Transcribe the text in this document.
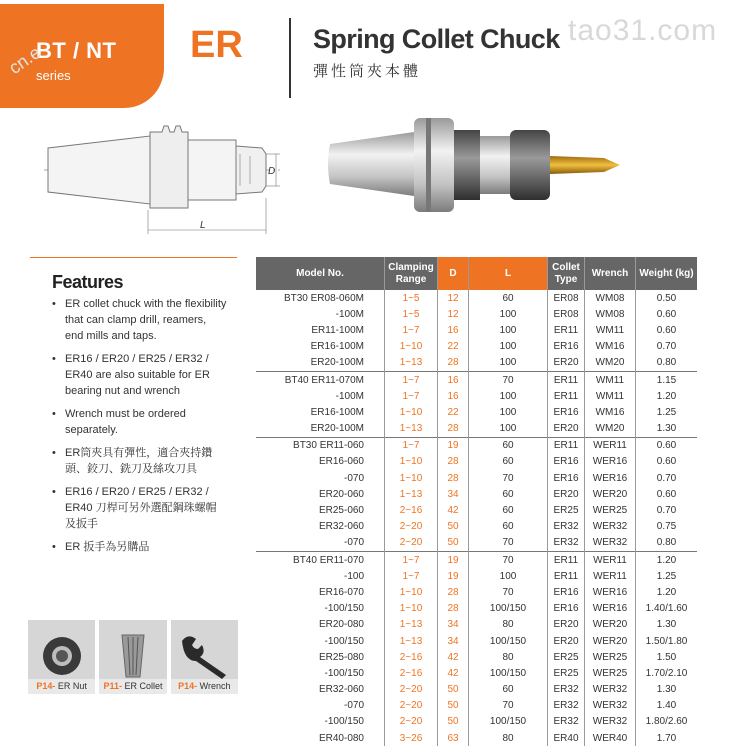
BT / NT
series
ER	Spring Collet Chuck
彈性筒夾本體
tao31.com
cn.e
D
L
Features
• ER collet chuck with the flexibility that can clamp drill, reamers, end mills and taps.
• ER16 / ER20 / ER25 / ER32 / ER40 are also suitable for ER bearing nut and wrench
• Wrench must be ordered separately.
• ER筒夾具有彈性，適合夾持鑽頭、鉸刀、銑刀及絲攻刀具
• ER16 / ER20 / ER25 / ER32 / ER40 刀桿可另外選配鋼珠螺帽及扳手
• ER 扳手為另購品
P14- ER Nut	P11- ER Collet	P14- Wrench
Model No.	Clamping Range	D	L	Collet Type	Wrench	Weight (kg)
BT30 ER08-060M	1~5	12	60	ER08	WM08	0.50
-100M	1~5	12	100	ER08	WM08	0.60
ER11-100M	1~7	16	100	ER11	WM11	0.60
ER16-100M	1~10	22	100	ER16	WM16	0.70
ER20-100M	1~13	28	100	ER20	WM20	0.80
BT40 ER11-070M	1~7	16	70	ER11	WM11	1.15
-100M	1~7	16	100	ER11	WM11	1.20
ER16-100M	1~10	22	100	ER16	WM16	1.25
ER20-100M	1~13	28	100	ER20	WM20	1.30
BT30 ER11-060	1~7	19	60	ER11	WER11	0.60
ER16-060	1~10	28	60	ER16	WER16	0.60
-070	1~10	28	70	ER16	WER16	0.70
ER20-060	1~13	34	60	ER20	WER20	0.60
ER25-060	2~16	42	60	ER25	WER25	0.70
ER32-060	2~20	50	60	ER32	WER32	0.75
-070	2~20	50	70	ER32	WER32	0.80
BT40 ER11-070	1~7	19	70	ER11	WER11	1.20
-100	1~7	19	100	ER11	WER11	1.25
ER16-070	1~10	28	70	ER16	WER16	1.20
-100/150	1~10	28	100/150	ER16	WER16	1.40/1.60
ER20-080	1~13	34	80	ER20	WER20	1.30
-100/150	1~13	34	100/150	ER20	WER20	1.50/1.80
ER25-080	2~16	42	80	ER25	WER25	1.50
-100/150	2~16	42	100/150	ER25	WER25	1.70/2.10
ER32-060	2~20	50	60	ER32	WER32	1.30
-070	2~20	50	70	ER32	WER32	1.40
-100/150	2~20	50	100/150	ER32	WER32	1.80/2.60
ER40-080	3~26	63	80	ER40	WER40	1.70
